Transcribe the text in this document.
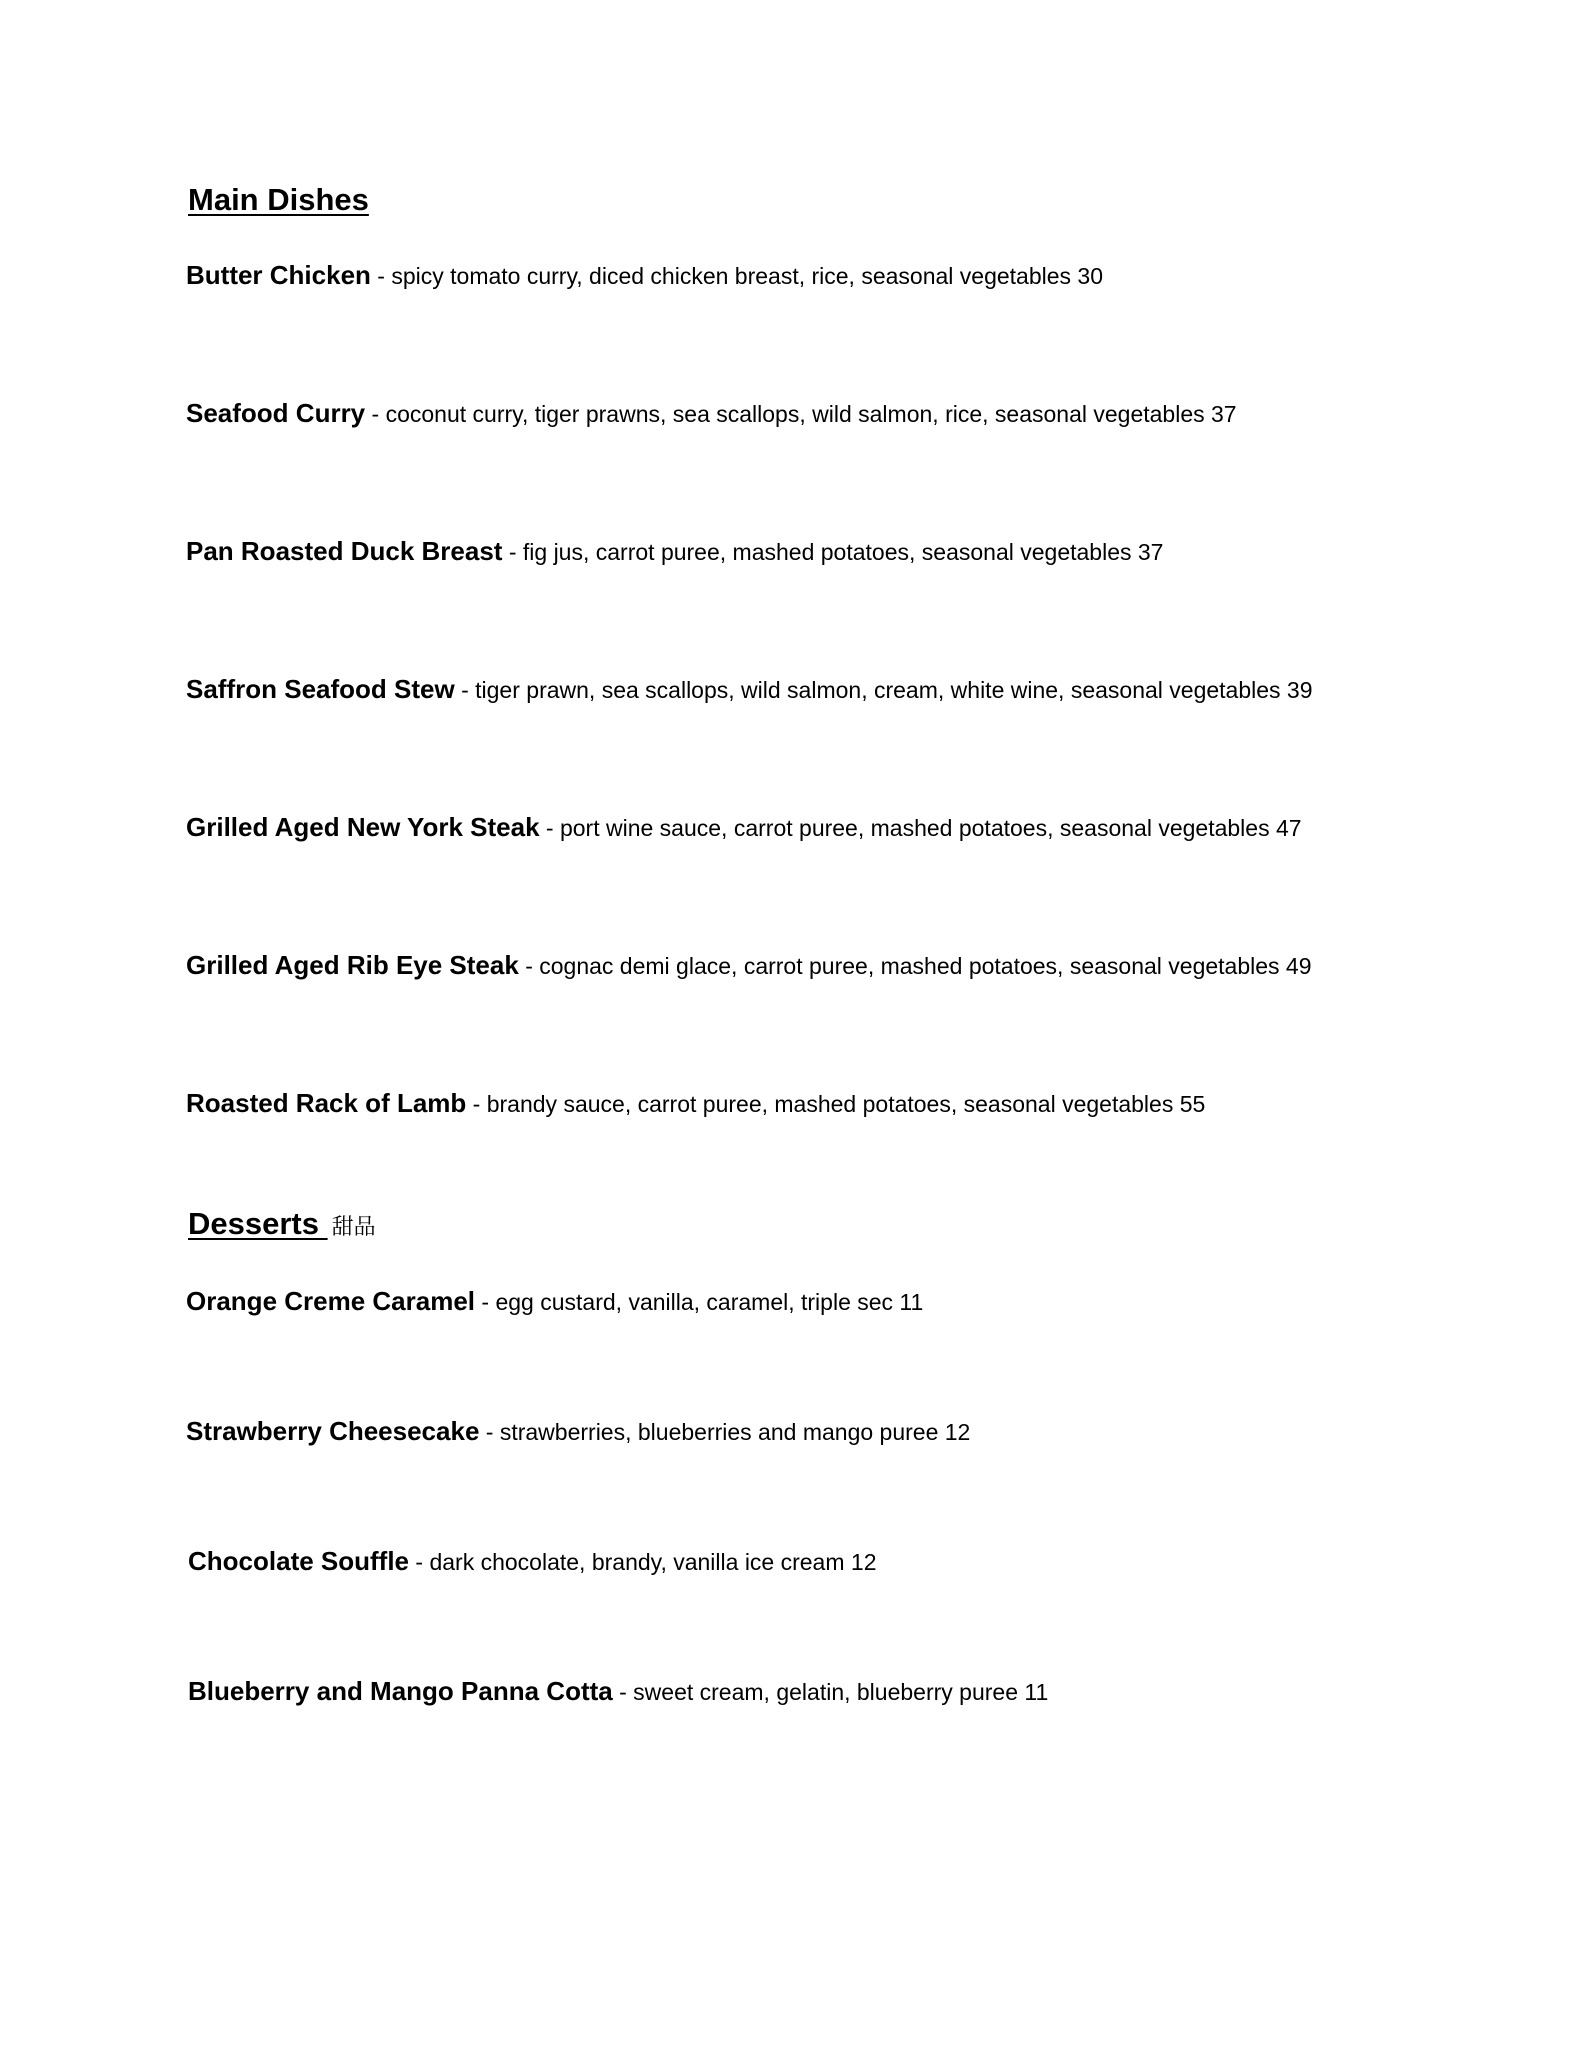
Main Dishes
Butter Chicken - spicy tomato curry, diced chicken breast, rice, seasonal vegetables 30
Seafood Curry - coconut curry, tiger prawns, sea scallops, wild salmon, rice, seasonal vegetables 37
Pan Roasted Duck Breast - fig jus, carrot puree, mashed potatoes, seasonal vegetables 37
Saffron Seafood Stew - tiger prawn, sea scallops, wild salmon, cream, white wine, seasonal vegetables 39
Grilled Aged New York Steak - port wine sauce, carrot puree, mashed potatoes, seasonal vegetables 47
Grilled Aged Rib Eye Steak - cognac demi glace, carrot puree, mashed potatoes, seasonal vegetables 49
Roasted Rack of Lamb - brandy sauce, carrot puree, mashed potatoes, seasonal vegetables 55
Desserts 甜品
Orange Creme Caramel - egg custard, vanilla, caramel, triple sec 11
Strawberry Cheesecake - strawberries, blueberries and mango puree 12
Chocolate Souffle - dark chocolate, brandy, vanilla ice cream 12
Blueberry and Mango Panna Cotta - sweet cream, gelatin, blueberry puree 11
